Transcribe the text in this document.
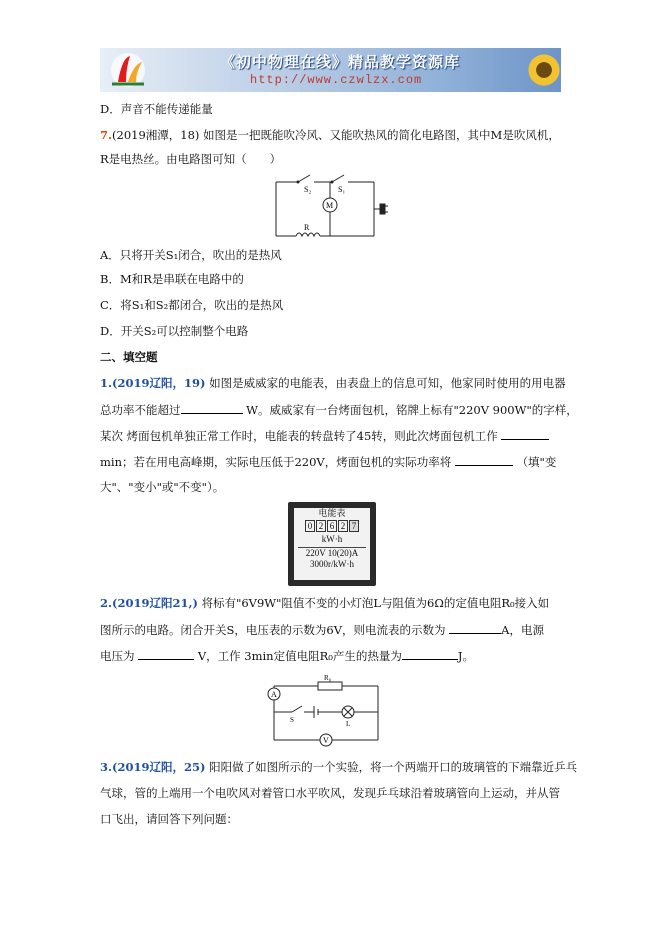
《初中物理在线》精品教学资源库
http://www.czwlzx.com
D．声音不能传递能量
7.(2019湘潭，18) 如图是一把既能吹冷风、又能吹热风的简化电路图，其中M是吹风机，
R是电热丝。由电路图可知（　　）
S₂	S₁
M
R
A．只将开关S₁闭合，吹出的是热风
B．M和R是串联在电路中的
C．将S₁和S₂都闭合，吹出的是热风
D．开关S₂可以控制整个电路
二、填空题
1.(2019辽阳，19) 如图是威威家的电能表，由表盘上的信息可知，他家同时使用的用电器
总功率不能超过	W。威威家有一台烤面包机，铭牌上标有"220V 900W"的字样，
某次 烤面包机单独正常工作时，电能表的转盘转了45转，则此次烤面包机工作
min；若在用电高峰期，实际电压低于220V，烤面包机的实际功率将	（填"变
大"、"变小"或"不变"）。
电能表
0 2 6 2 7
kW·h
220V 10(20)A
3000r/kW·h
2.(2019辽阳21,) 将标有"6V9W"阻值不变的小灯泡L与阻值为6Ω的定值电阻R₀接入如
图所示的电路。闭合开关S，电压表的示数为6V，则电流表的示数为	A，电源
电压为	V，工作 3min定值电阻R₀产生的热量为	J。
A
R₀
S	L
V
3.(2019辽阳，25) 阳阳做了如图所示的一个实验，将一个两端开口的玻璃管的下端靠近乒乓
气球，管的上端用一个电吹风对着管口水平吹风，发现乒乓球沿着玻璃管向上运动，并从管
口飞出，请回答下列问题：
